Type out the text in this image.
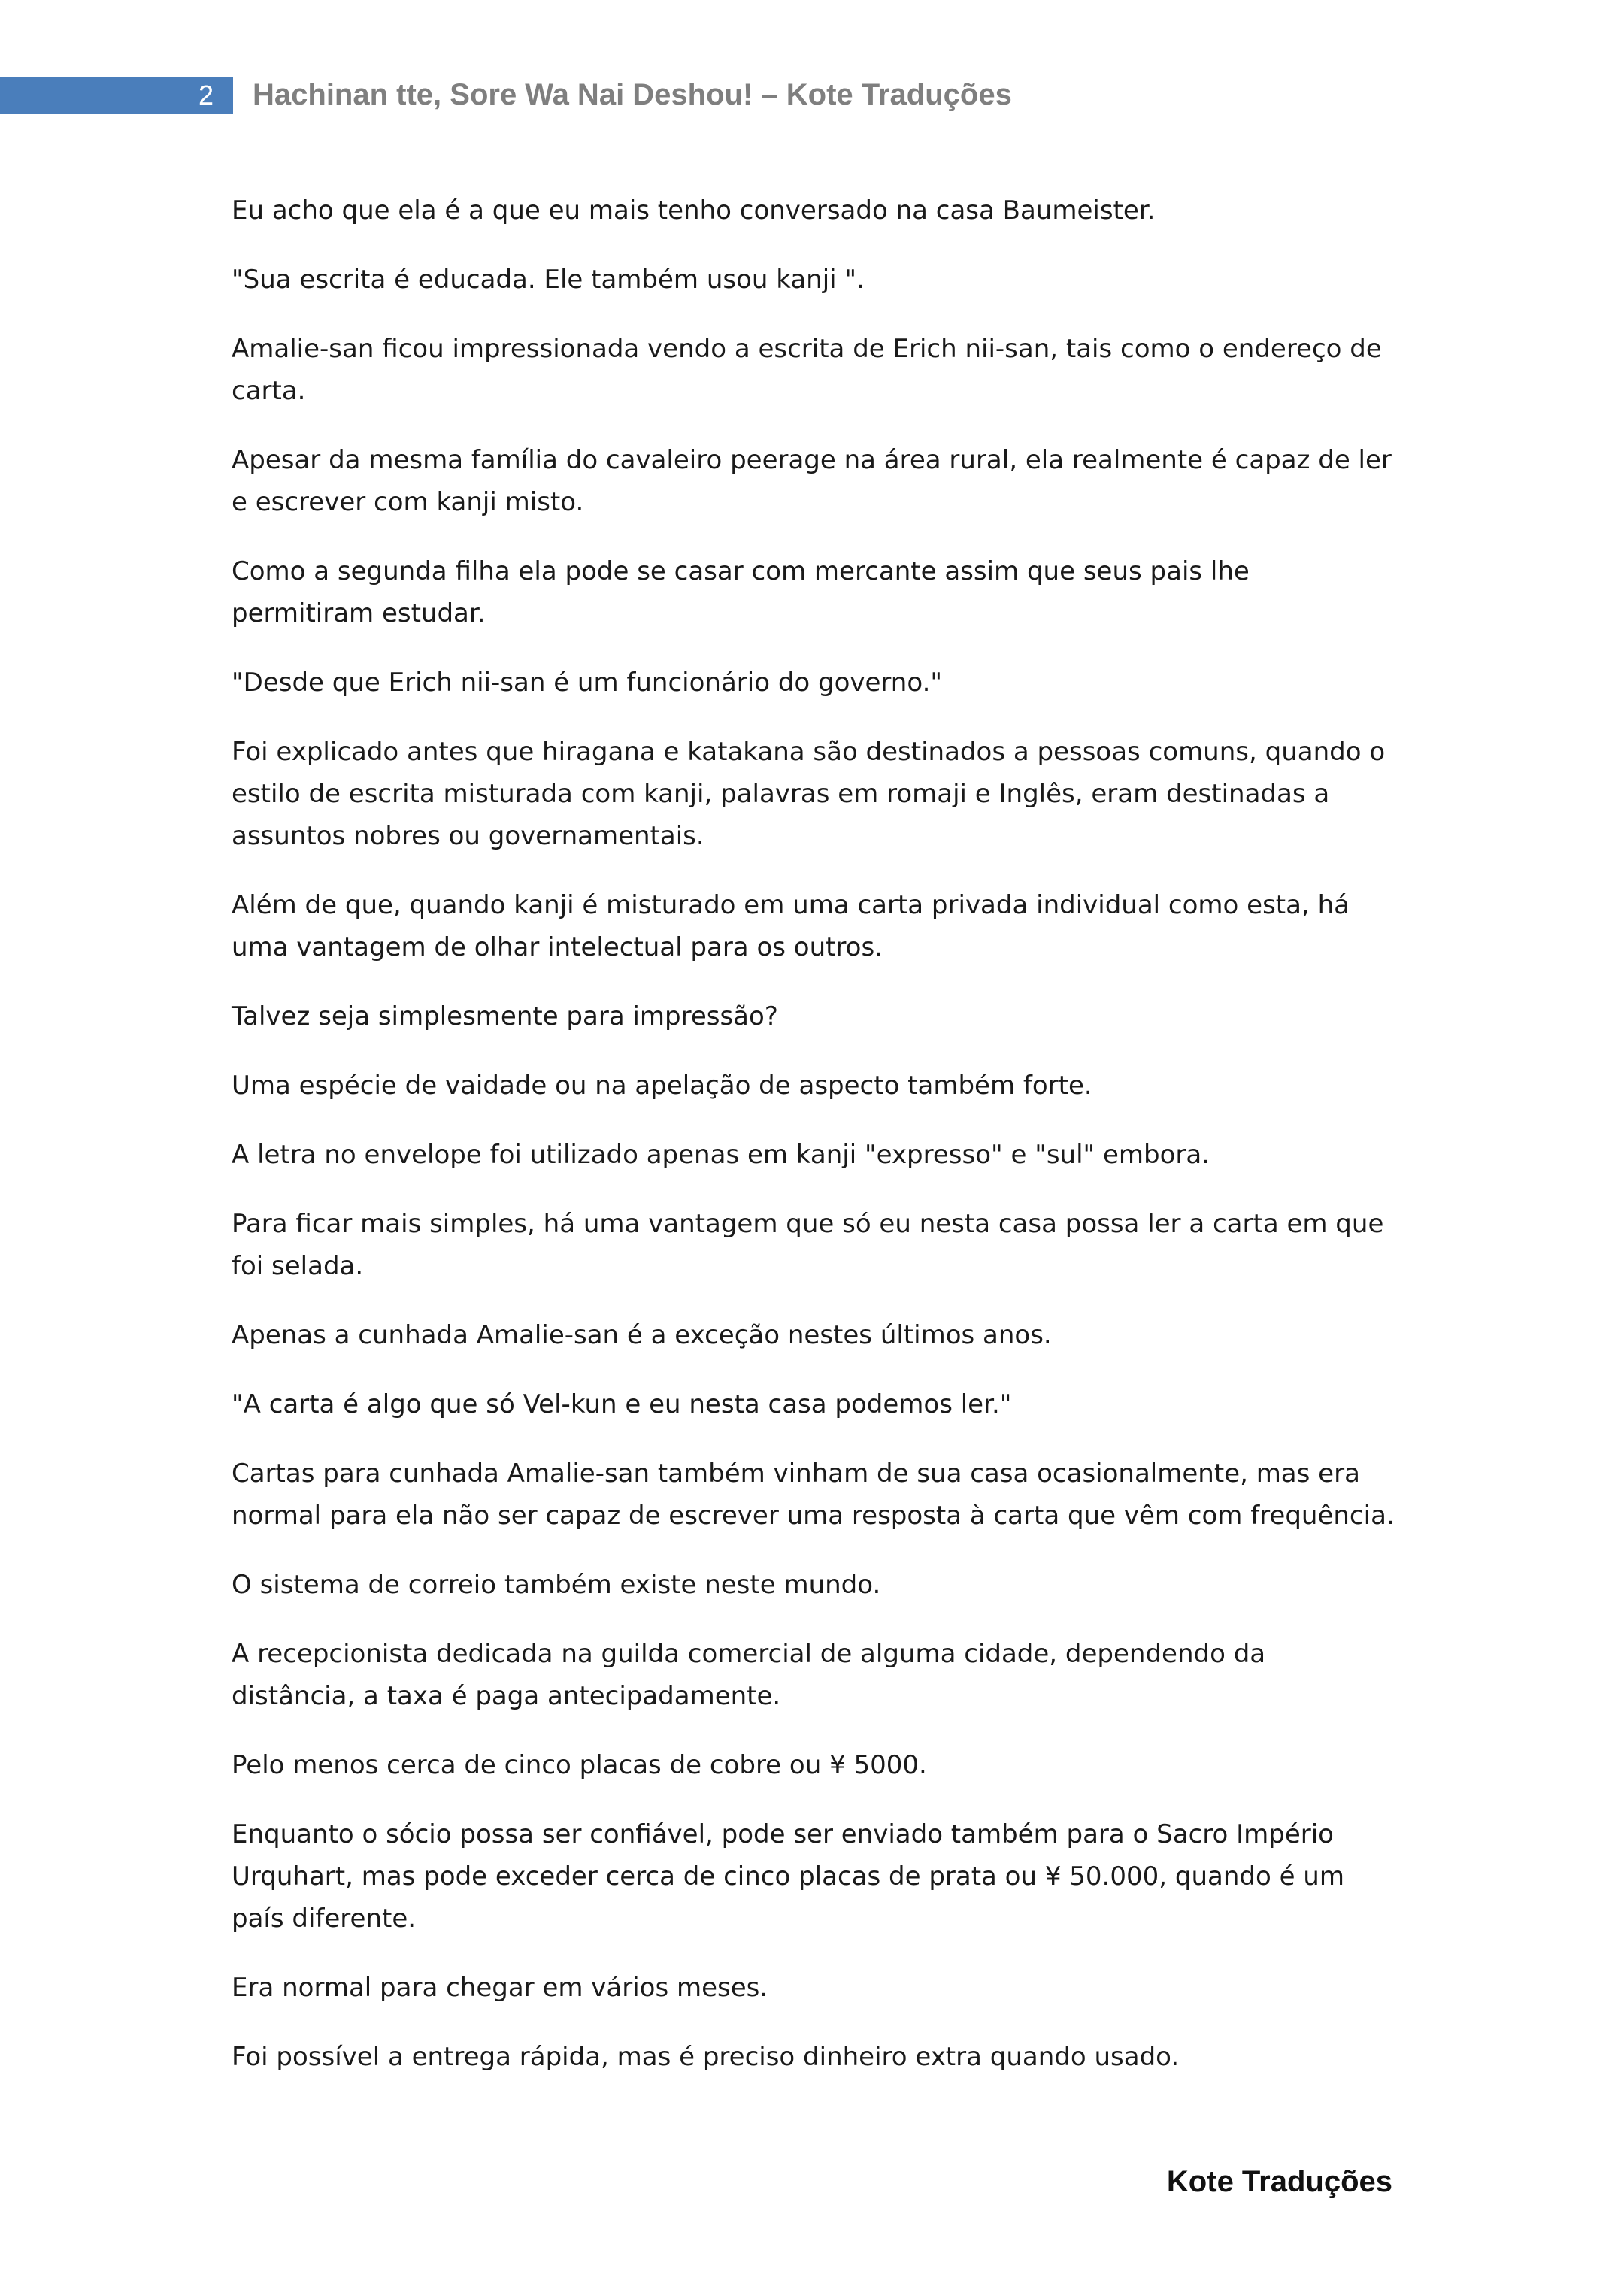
2 Hachinan tte, Sore Wa Nai Deshou! – Kote Traduções

Eu acho que ela é a que eu mais tenho conversado na casa Baumeister.

"Sua escrita é educada. Ele também usou kanji ".

Amalie-san ficou impressionada vendo a escrita de Erich nii-san, tais como o endereço de carta.

Apesar da mesma família do cavaleiro peerage na área rural, ela realmente é capaz de ler e escrever com kanji misto.

Como a segunda filha ela pode se casar com mercante assim que seus pais lhe permitiram estudar.

"Desde que Erich nii-san é um funcionário do governo."

Foi explicado antes que hiragana e katakana são destinados a pessoas comuns, quando o estilo de escrita misturada com kanji, palavras em romaji e Inglês, eram destinadas a assuntos nobres ou governamentais.

Além de que, quando kanji é misturado em uma carta privada individual como esta, há uma vantagem de olhar intelectual para os outros.

Talvez seja simplesmente para impressão?

Uma espécie de vaidade ou na apelação de aspecto também forte.

A letra no envelope foi utilizado apenas em kanji "expresso" e "sul" embora.

Para ficar mais simples, há uma vantagem que só eu nesta casa possa ler a carta em que foi selada.

Apenas a cunhada Amalie-san é a exceção nestes últimos anos.

"A carta é algo que só Vel-kun e eu nesta casa podemos ler."

Cartas para cunhada Amalie-san também vinham de sua casa ocasionalmente, mas era normal para ela não ser capaz de escrever uma resposta à carta que vêm com frequência.

O sistema de correio também existe neste mundo.

A recepcionista dedicada na guilda comercial de alguma cidade, dependendo da distância, a taxa é paga antecipadamente.

Pelo menos cerca de cinco placas de cobre ou ¥ 5000.

Enquanto o sócio possa ser confiável, pode ser enviado também para o Sacro Império Urquhart, mas pode exceder cerca de cinco placas de prata ou ¥ 50.000, quando é um país diferente.

Era normal para chegar em vários meses.

Foi possível a entrega rápida, mas é preciso dinheiro extra quando usado.

Kote Traduções
